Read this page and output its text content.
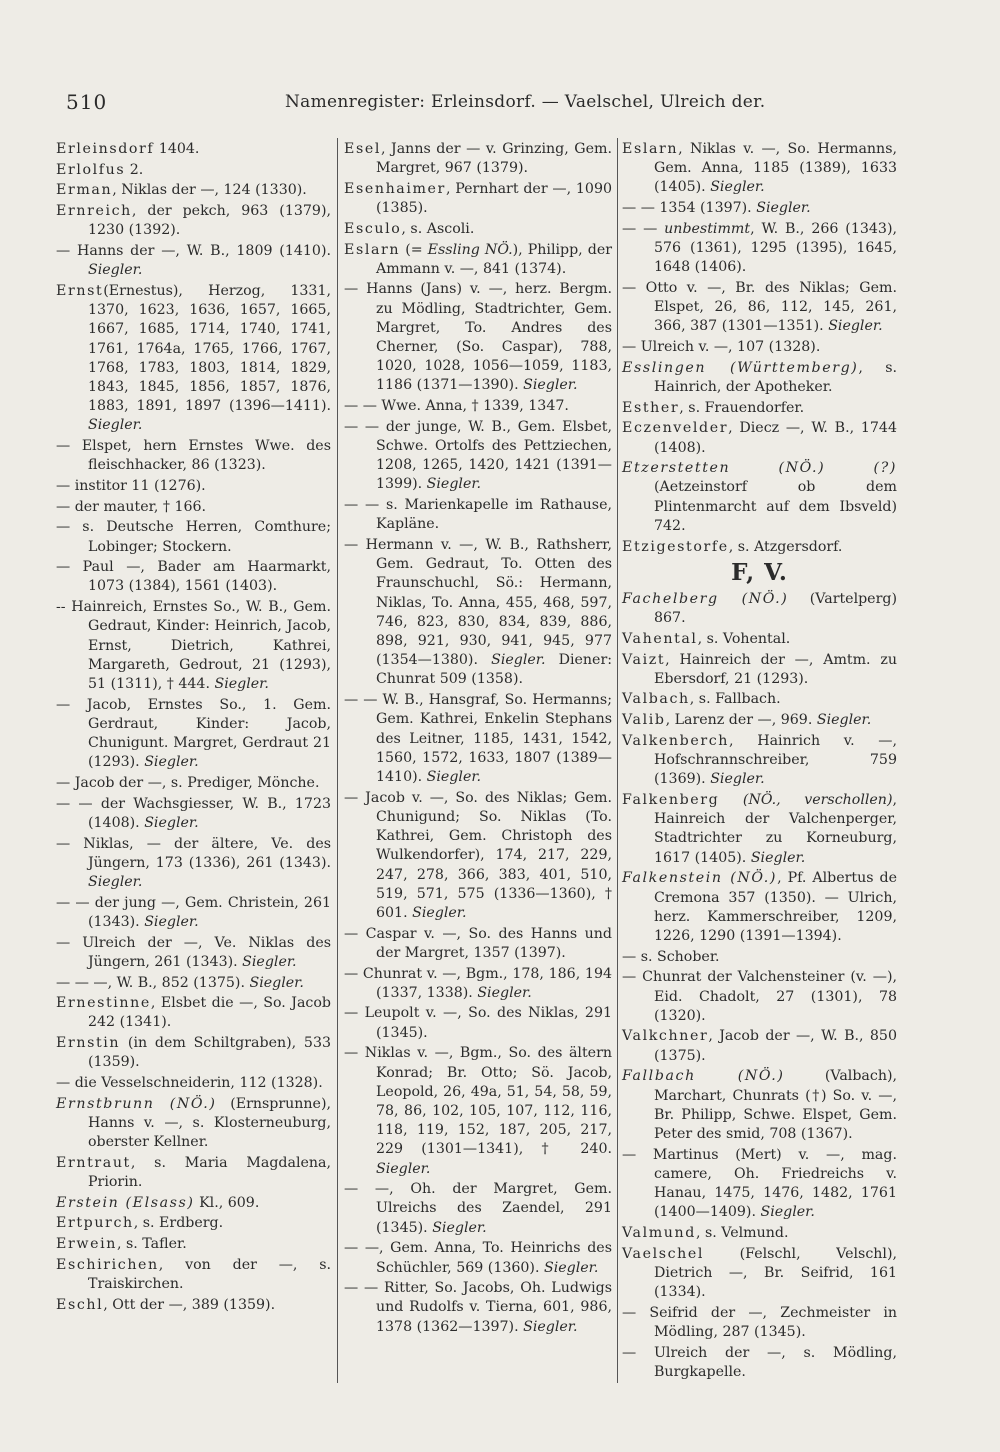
510	Namenregister: Erleinsdorf. — Vaelschel, Ulreich der.
Erleinsdorf 1404.
Erlolfus 2.
Erman, Niklas der —, 124 (1330).
Ernreich, der pekch, 963 (1379), 1230 (1392).
— Hanns der —, W. B., 1809 (1410). Siegler.
Ernst(Ernestus), Herzog, 1331, 1370, 1623, 1636, 1657, 1665, 1667, 1685, 1714, 1740, 1741, 1761, 1764a, 1765, 1766, 1767, 1768, 1783, 1803, 1814, 1829, 1843, 1845, 1856, 1857, 1876, 1883, 1891, 1897 (1396—1411). Siegler.
— Elspet, hern Ernstes Wwe. des fleischhacker, 86 (1323).
— institor 11 (1276).
— der mauter, † 166.
— s. Deutsche Herren, Comthure; Lobinger; Stockern.
— Paul —, Bader am Haarmarkt, 1073 (1384), 1561 (1403).
-- Hainreich, Ernstes So., W. B., Gem. Gedraut, Kinder: Heinrich, Jacob, Ernst, Dietrich, Kathrei, Margareth, Gedrout, 21 (1293), 51 (1311), † 444. Siegler.
— Jacob, Ernstes So., 1. Gem. Gerdraut, Kinder: Jacob, Chunigunt. Margret, Gerdraut 21 (1293). Siegler.
— Jacob der —, s. Prediger, Mönche.
— — der Wachsgiesser, W. B., 1723 (1408). Siegler.
— Niklas, — der ältere, Ve. des Jüngern, 173 (1336), 261 (1343). Siegler.
— — der jung —, Gem. Christein, 261 (1343). Siegler.
— Ulreich der —, Ve. Niklas des Jüngern, 261 (1343). Siegler.
— — —, W. B., 852 (1375). Siegler.
Ernestinne, Elsbet die —, So. Jacob 242 (1341).
Ernstin (in dem Schiltgraben), 533 (1359).
— die Vesselschneiderin, 112 (1328).
Ernstbrunn (NÖ.) (Ernsprunne), Hanns v. —, s. Klosterneuburg, oberster Kellner.
Erntraut, s. Maria Magdalena, Priorin.
Erstein (Elsass) Kl., 609.
Ertpurch, s. Erdberg.
Erwein, s. Tafler.
Eschirichen, von der —, s. Traiskirchen.
Eschl, Ott der —, 389 (1359).
Esel, Janns der — v. Grinzing, Gem. Margret, 967 (1379).
Esenhaimer, Pernhart der —, 1090 (1385).
Esculo, s. Ascoli.
Eslarn (= Essling NÖ.), Philipp, der Ammann v. —, 841 (1374).
— Hanns (Jans) v. —, herz. Bergm. zu Mödling, Stadtrichter, Gem. Margret, To. Andres des Cherner, (So. Caspar), 788, 1020, 1028, 1056—1059, 1183, 1186 (1371—1390). Siegler.
— — Wwe. Anna, † 1339, 1347.
— — der junge, W. B., Gem. Elsbet, Schwe. Ortolfs des Pettziechen, 1208, 1265, 1420, 1421 (1391—1399). Siegler.
— — s. Marienkapelle im Rathause, Kapläne.
— Hermann v. —, W. B., Rathsherr, Gem. Gedraut, To. Otten des Fraunschuchl, Sö.: Hermann, Niklas, To. Anna, 455, 468, 597, 746, 823, 830, 834, 839, 886, 898, 921, 930, 941, 945, 977 (1354—1380). Siegler. Diener: Chunrat 509 (1358).
— — W. B., Hansgraf, So. Hermanns; Gem. Kathrei, Enkelin Stephans des Leitner, 1185, 1431, 1542, 1560, 1572, 1633, 1807 (1389—1410). Siegler.
— Jacob v. —, So. des Niklas; Gem. Chunigund; So. Niklas (To. Kathrei, Gem. Christoph des Wulkendorfer), 174, 217, 229, 247, 278, 366, 383, 401, 510, 519, 571, 575 (1336—1360), † 601. Siegler.
— Caspar v. —, So. des Hanns und der Margret, 1357 (1397).
— Chunrat v. —, Bgm., 178, 186, 194 (1337, 1338). Siegler.
— Leupolt v. —, So. des Niklas, 291 (1345).
— Niklas v. —, Bgm., So. des ältern Konrad; Br. Otto; Sö. Jacob, Leopold, 26, 49a, 51, 54, 58, 59, 78, 86, 102, 105, 107, 112, 116, 118, 119, 152, 187, 205, 217, 229 (1301—1341), † 240. Siegler.
— —, Oh. der Margret, Gem. Ulreichs des Zaendel, 291 (1345). Siegler.
— —, Gem. Anna, To. Heinrichs des Schüchler, 569 (1360). Siegler.
— — Ritter, So. Jacobs, Oh. Ludwigs und Rudolfs v. Tierna, 601, 986, 1378 (1362—1397). Siegler.
Eslarn, Niklas v. —, So. Hermanns, Gem. Anna, 1185 (1389), 1633 (1405). Siegler.
— — 1354 (1397). Siegler.
— — unbestimmt, W. B., 266 (1343), 576 (1361), 1295 (1395), 1645, 1648 (1406).
— Otto v. —, Br. des Niklas; Gem. Elspet, 26, 86, 112, 145, 261, 366, 387 (1301—1351). Siegler.
— Ulreich v. —, 107 (1328).
Esslingen (Württemberg), s. Hainrich, der Apotheker.
Esther, s. Frauendorfer.
Eczenvelder, Diecz —, W. B., 1744 (1408).
Etzerstetten (NÖ.) (?) (Aetzeinstorf ob dem Plintenmarcht auf dem Ibsveld) 742.
Etzigestorfe, s. Atzgersdorf.
F, V.
Fachelberg (NÖ.) (Vartelperg) 867.
Vahental, s. Vohental.
Vaizt, Hainreich der —, Amtm. zu Ebersdorf, 21 (1293).
Valbach, s. Fallbach.
Valib, Larenz der —, 969. Siegler.
Valkenberch, Hainrich v. —, Hofschrannschreiber, 759 (1369). Siegler.
Falkenberg (NÖ., verschollen), Hainreich der Valchenperger, Stadtrichter zu Korneuburg, 1617 (1405). Siegler.
Falkenstein (NÖ.), Pf. Albertus de Cremona 357 (1350). — Ulrich, herz. Kammerschreiber, 1209, 1226, 1290 (1391—1394).
— s. Schober.
— Chunrat der Valchensteiner (v. —), Eid. Chadolt, 27 (1301), 78 (1320).
Valkchner, Jacob der —, W. B., 850 (1375).
Fallbach (NÖ.) (Valbach), Marchart, Chunrats (†) So. v. —, Br. Philipp, Schwe. Elspet, Gem. Peter des smid, 708 (1367).
— Martinus (Mert) v. —, mag. camere, Oh. Friedreichs v. Hanau, 1475, 1476, 1482, 1761 (1400—1409). Siegler.
Valmund, s. Velmund.
Vaelschel (Felschl, Velschl), Dietrich —, Br. Seifrid, 161 (1334).
— Seifrid der —, Zechmeister in Mödling, 287 (1345).
— Ulreich der —, s. Mödling, Burgkapelle.
